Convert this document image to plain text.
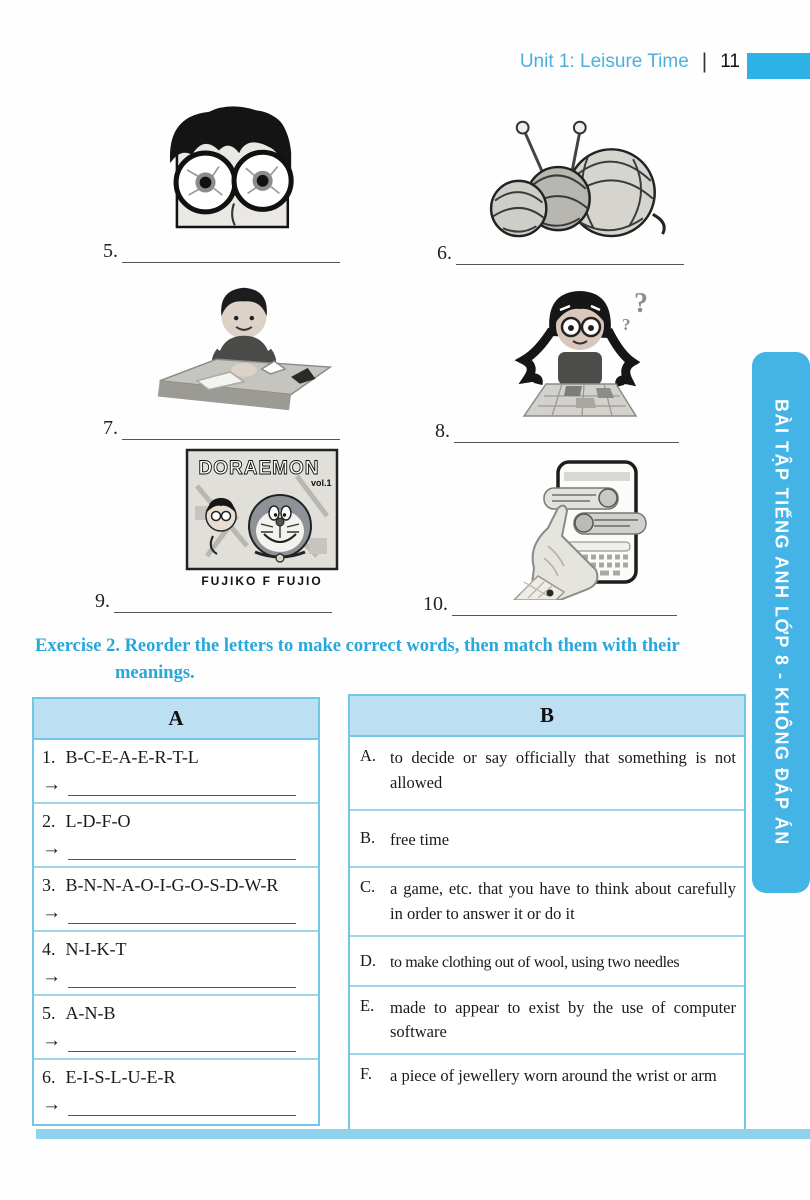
Unit 1: Leisure Time | 11
5.	6.
7.
?
?
8.
DORAEMON
vol.1
FUJIKO F FUJIO
9.	10.
Exercise 2. Reorder the letters to make correct words, then match them with their
meanings.
A
1. B-C-E-A-E-R-T-L
→
2. L-D-F-O
→
3. B-N-N-A-O-I-G-O-S-D-W-R
→
4. N-I-K-T
→
5. A-N-B
→
6. E-I-S-L-U-E-R
→
B
A. to decide or say officially that something is not allowed
B. free time
C. a game, etc. that you have to think about carefully in order to answer it or do it
D. to make clothing out of wool, using two needles
E. made to appear to exist by the use of computer software
F.	a piece of jewellery worn around the wrist or arm
BÀI TẬP TIẾNG ANH LỚP 8 - KHÔNG ĐÁP ÁN
